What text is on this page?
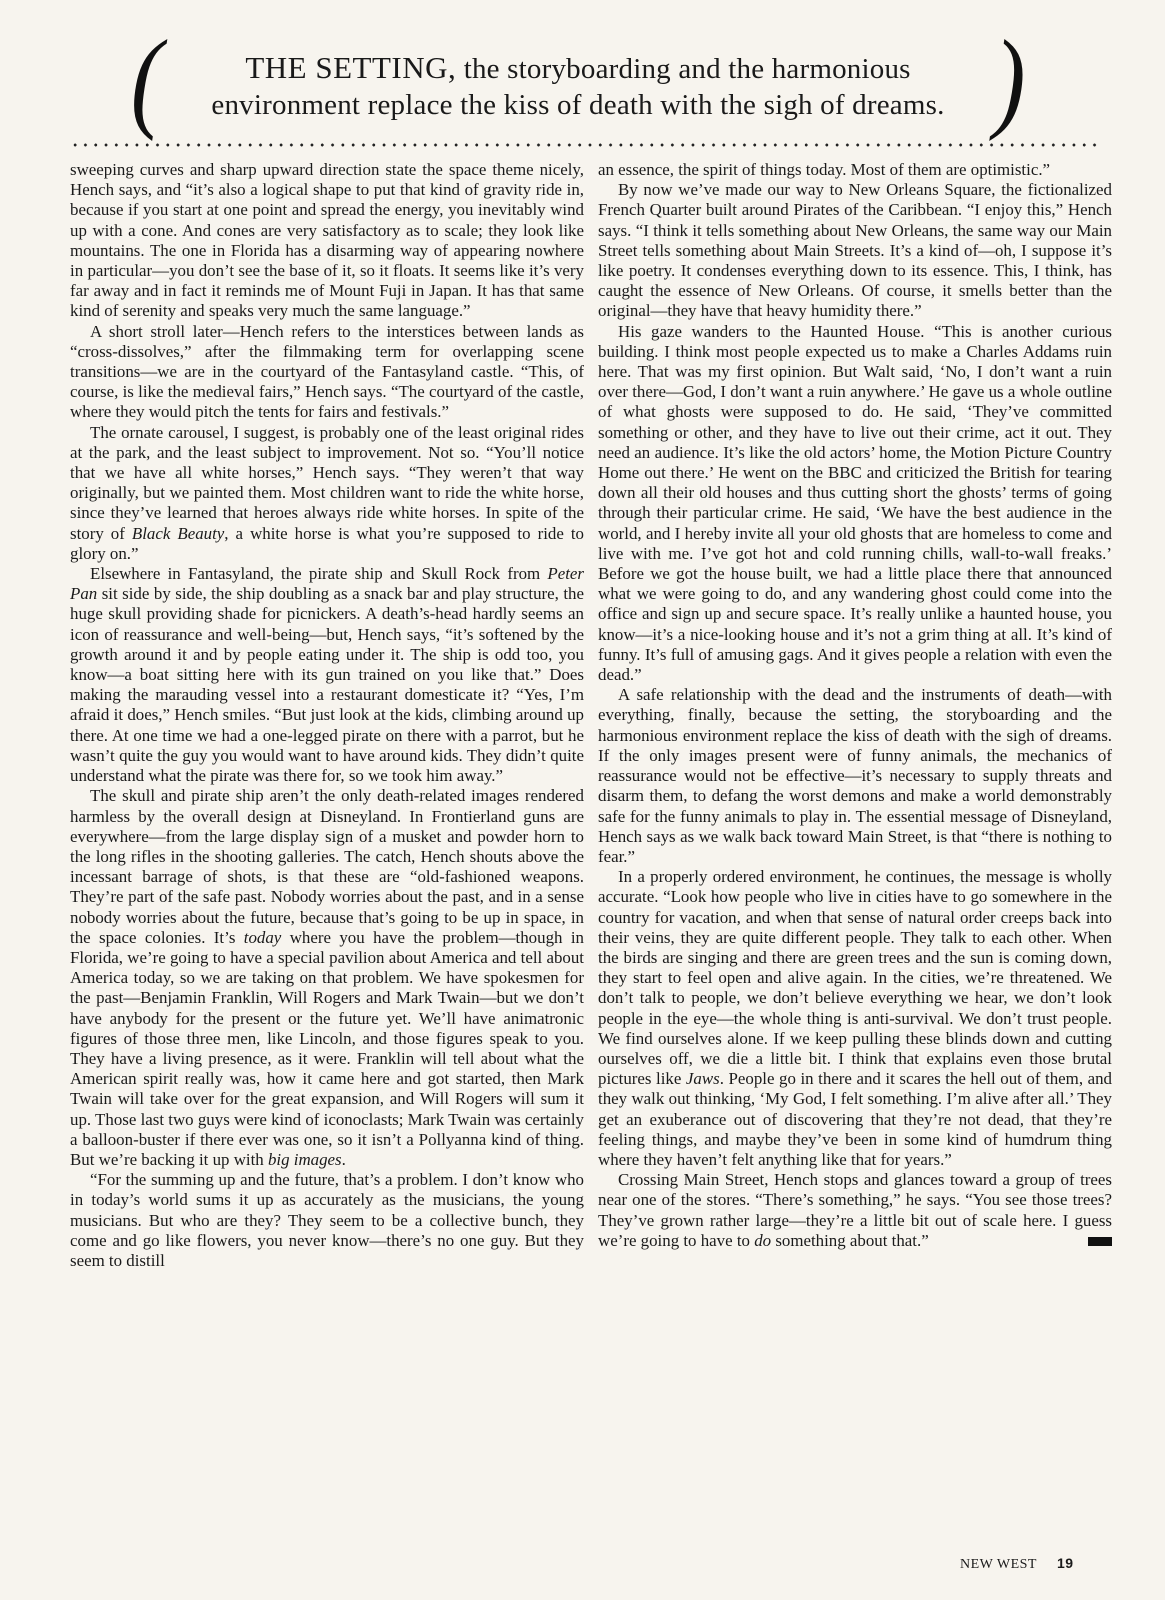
(	THE SETTING, the storyboarding and the harmonious
environment replace the kiss of death with the sigh of dreams. )

sweeping curves and sharp upward direction state the space theme nicely, Hench says, and “it’s also a logical shape to put that kind of gravity ride in, because if you start at one point and spread the energy, you inevitably wind up with a cone. And cones are very satisfactory as to scale; they look like mountains. The one in Florida has a disarming way of appearing nowhere in particular—you don’t see the base of it, so it floats. It seems like it’s very far away and in fact it reminds me of Mount Fuji in Japan. It has that same kind of serenity and speaks very much the same language.”

A short stroll later—Hench refers to the interstices between lands as “cross-dissolves,” after the filmmaking term for overlapping scene transitions—we are in the courtyard of the Fantasyland castle. “This, of course, is like the medieval fairs,” Hench says. “The courtyard of the castle, where they would pitch the tents for fairs and festivals.”

The ornate carousel, I suggest, is probably one of the least original rides at the park, and the least subject to improvement. Not so. “You’ll notice that we have all white horses,” Hench says. “They weren’t that way originally, but we painted them. Most children want to ride the white horse, since they’ve learned that heroes always ride white horses. In spite of the story of Black Beauty, a white horse is what you’re supposed to ride to glory on.”

Elsewhere in Fantasyland, the pirate ship and Skull Rock from Peter Pan sit side by side, the ship doubling as a snack bar and play structure, the huge skull providing shade for picnickers. A death’s-head hardly seems an icon of reassurance and well-being—but, Hench says, “it’s softened by the growth around it and by people eating under it. The ship is odd too, you know—a boat sitting here with its gun trained on you like that.” Does making the marauding vessel into a restaurant domesticate it? “Yes, I’m afraid it does,” Hench smiles. “But just look at the kids, climbing around up there. At one time we had a one-legged pirate on there with a parrot, but he wasn’t quite the guy you would want to have around kids. They didn’t quite understand what the pirate was there for, so we took him away.”

The skull and pirate ship aren’t the only death-related images rendered harmless by the overall design at Disneyland. In Frontierland guns are everywhere—from the large display sign of a musket and powder horn to the long rifles in the shooting galleries. The catch, Hench shouts above the incessant barrage of shots, is that these are “old-fashioned weapons. They’re part of the safe past. Nobody worries about the past, and in a sense nobody worries about the future, because that’s going to be up in space, in the space colonies. It’s today where you have the problem—though in Florida, we’re going to have a special pavilion about America and tell about America today, so we are taking on that problem. We have spokesmen for the past—Benjamin Franklin, Will Rogers and Mark Twain—but we don’t have anybody for the present or the future yet. We’ll have animatronic figures of those three men, like Lincoln, and those figures speak to you. They have a living presence, as it were. Franklin will tell about what the American spirit really was, how it came here and got started, then Mark Twain will take over for the great expansion, and Will Rogers will sum it up. Those last two guys were kind of iconoclasts; Mark Twain was certainly a balloon-buster if there ever was one, so it isn’t a Pollyanna kind of thing. But we’re backing it up with big images.

“For the summing up and the future, that’s a problem. I don’t know who in today’s world sums it up as accurately as the musicians, the young musicians. But who are they? They seem to be a collective bunch, they come and go like flowers, you never know—there’s no one guy. But they seem to distill

an essence, the spirit of things today. Most of them are optimistic.”

By now we’ve made our way to New Orleans Square, the fictionalized French Quarter built around Pirates of the Caribbean. “I enjoy this,” Hench says. “I think it tells something about New Orleans, the same way our Main Street tells something about Main Streets. It’s a kind of—oh, I suppose it’s like poetry. It condenses everything down to its essence. This, I think, has caught the essence of New Orleans. Of course, it smells better than the original—they have that heavy humidity there.”

His gaze wanders to the Haunted House. “This is another curious building. I think most people expected us to make a Charles Addams ruin here. That was my first opinion. But Walt said, ‘No, I don’t want a ruin over there—God, I don’t want a ruin anywhere.’ He gave us a whole outline of what ghosts were supposed to do. He said, ‘They’ve committed something or other, and they have to live out their crime, act it out. They need an audience. It’s like the old actors’ home, the Motion Picture Country Home out there.’ He went on the BBC and criticized the British for tearing down all their old houses and thus cutting short the ghosts’ terms of going through their particular crime. He said, ‘We have the best audience in the world, and I hereby invite all your old ghosts that are homeless to come and live with me. I’ve got hot and cold running chills, wall-to-wall freaks.’ Before we got the house built, we had a little place there that announced what we were going to do, and any wandering ghost could come into the office and sign up and secure space. It’s really unlike a haunted house, you know—it’s a nice-looking house and it’s not a grim thing at all. It’s kind of funny. It’s full of amusing gags. And it gives people a relation with even the dead.”

A safe relationship with the dead and the instruments of death—with everything, finally, because the setting, the storyboarding and the harmonious environment replace the kiss of death with the sigh of dreams. If the only images present were of funny animals, the mechanics of reassurance would not be effective—it’s necessary to supply threats and disarm them, to defang the worst demons and make a world demonstrably safe for the funny animals to play in. The essential message of Disneyland, Hench says as we walk back toward Main Street, is that “there is nothing to fear.”

In a properly ordered environment, he continues, the message is wholly accurate. “Look how people who live in cities have to go somewhere in the country for vacation, and when that sense of natural order creeps back into their veins, they are quite different people. They talk to each other. When the birds are singing and there are green trees and the sun is coming down, they start to feel open and alive again. In the cities, we’re threatened. We don’t talk to people, we don’t believe everything we hear, we don’t look people in the eye—the whole thing is anti-survival. We don’t trust people. We find ourselves alone. If we keep pulling these blinds down and cutting ourselves off, we die a little bit. I think that explains even those brutal pictures like Jaws. People go in there and it scares the hell out of them, and they walk out thinking, ‘My God, I felt something. I’m alive after all.’ They get an exuberance out of discovering that they’re not dead, that they’re feeling things, and maybe they’ve been in some kind of humdrum thing where they haven’t felt anything like that for years.”

Crossing Main Street, Hench stops and glances toward a group of trees near one of the stores. “There’s something,” he says. “You see those trees? They’ve grown rather large—they’re a little bit out of scale here. I guess we’re going to have to do something about that.”

NEW WEST 19
